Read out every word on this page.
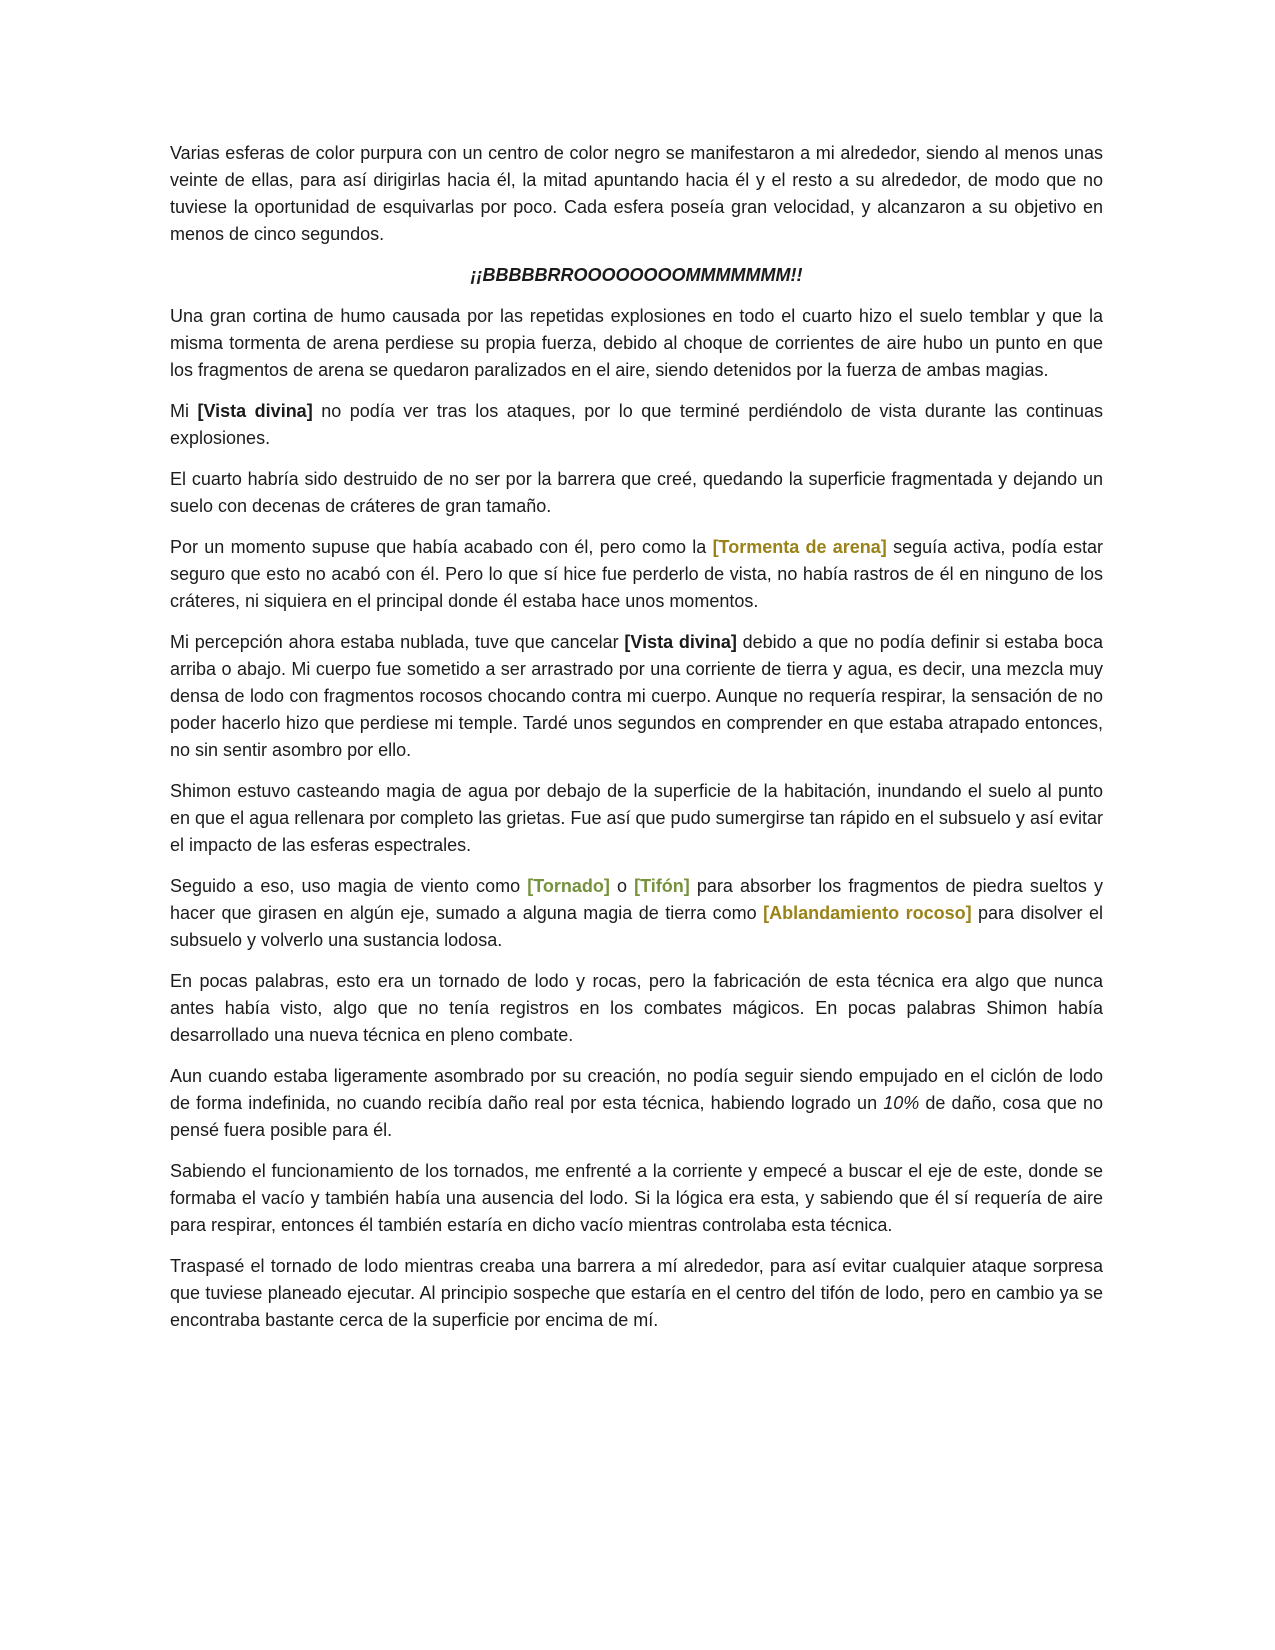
Varias esferas de color purpura con un centro de color negro se manifestaron a mi alrededor, siendo al menos unas veinte de ellas, para así dirigirlas hacia él, la mitad apuntando hacia él y el resto a su alrededor, de modo que no tuviese la oportunidad de esquivarlas por poco. Cada esfera poseía gran velocidad, y alcanzaron a su objetivo en menos de cinco segundos.

¡¡BBBBBRROOOOOOOOMMMMMMM!!

Una gran cortina de humo causada por las repetidas explosiones en todo el cuarto hizo el suelo temblar y que la misma tormenta de arena perdiese su propia fuerza, debido al choque de corrientes de aire hubo un punto en que los fragmentos de arena se quedaron paralizados en el aire, siendo detenidos por la fuerza de ambas magias.

Mi [Vista divina] no podía ver tras los ataques, por lo que terminé perdiéndolo de vista durante las continuas explosiones.

El cuarto habría sido destruido de no ser por la barrera que creé, quedando la superficie fragmentada y dejando un suelo con decenas de cráteres de gran tamaño.

Por un momento supuse que había acabado con él, pero como la [Tormenta de arena] seguía activa, podía estar seguro que esto no acabó con él. Pero lo que sí hice fue perderlo de vista, no había rastros de él en ninguno de los cráteres, ni siquiera en el principal donde él estaba hace unos momentos.

Mi percepción ahora estaba nublada, tuve que cancelar [Vista divina] debido a que no podía definir si estaba boca arriba o abajo. Mi cuerpo fue sometido a ser arrastrado por una corriente de tierra y agua, es decir, una mezcla muy densa de lodo con fragmentos rocosos chocando contra mi cuerpo. Aunque no requería respirar, la sensación de no poder hacerlo hizo que perdiese mi temple. Tardé unos segundos en comprender en que estaba atrapado entonces, no sin sentir asombro por ello.

Shimon estuvo casteando magia de agua por debajo de la superficie de la habitación, inundando el suelo al punto en que el agua rellenara por completo las grietas. Fue así que pudo sumergirse tan rápido en el subsuelo y así evitar el impacto de las esferas espectrales.

Seguido a eso, uso magia de viento como [Tornado] o [Tifón] para absorber los fragmentos de piedra sueltos y hacer que girasen en algún eje, sumado a alguna magia de tierra como [Ablandamiento rocoso] para disolver el subsuelo y volverlo una sustancia lodosa.

En pocas palabras, esto era un tornado de lodo y rocas, pero la fabricación de esta técnica era algo que nunca antes había visto, algo que no tenía registros en los combates mágicos. En pocas palabras Shimon había desarrollado una nueva técnica en pleno combate.

Aun cuando estaba ligeramente asombrado por su creación, no podía seguir siendo empujado en el ciclón de lodo de forma indefinida, no cuando recibía daño real por esta técnica, habiendo logrado un 10% de daño, cosa que no pensé fuera posible para él.

Sabiendo el funcionamiento de los tornados, me enfrenté a la corriente y empecé a buscar el eje de este, donde se formaba el vacío y también había una ausencia del lodo. Si la lógica era esta, y sabiendo que él sí requería de aire para respirar, entonces él también estaría en dicho vacío mientras controlaba esta técnica.

Traspasé el tornado de lodo mientras creaba una barrera a mí alrededor, para así evitar cualquier ataque sorpresa que tuviese planeado ejecutar. Al principio sospeche que estaría en el centro del tifón de lodo, pero en cambio ya se encontraba bastante cerca de la superficie por encima de mí.
